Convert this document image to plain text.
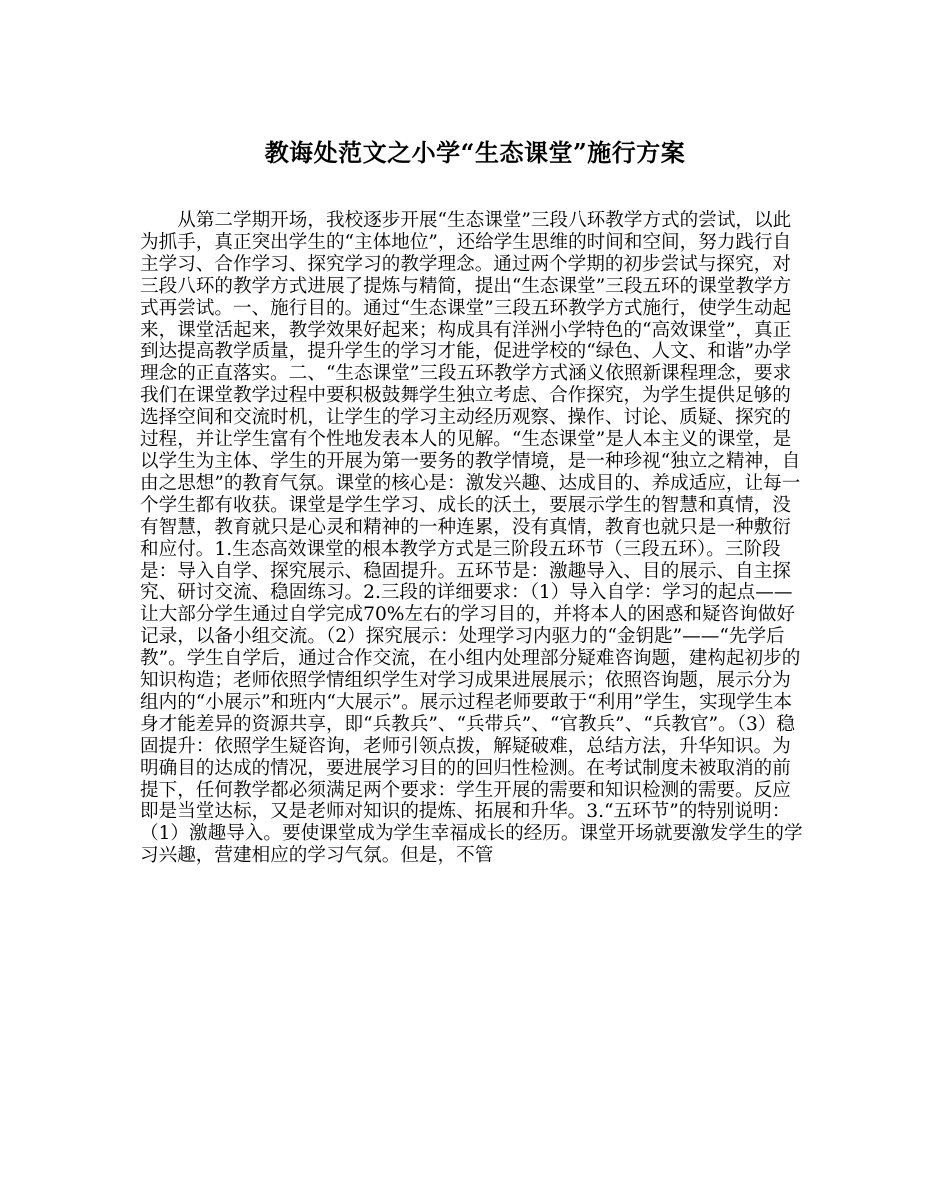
教诲处范文之小学“生态课堂”施行方案

从第二学期开场，我校逐步开展“生态课堂”三段八环教学方式的尝试，以此为抓手，真正突出学生的“主体地位”，还给学生思维的时间和空间，努力践行自主学习、合作学习、探究学习的教学理念。通过两个学期的初步尝试与探究，对三段八环的教学方式进展了提炼与精简，提出“生态课堂”三段五环的课堂教学方式再尝试。一、施行目的。通过“生态课堂”三段五环教学方式施行，使学生动起来，课堂活起来，教学效果好起来；构成具有洋洲小学特色的“高效课堂”，真正到达提高教学质量，提升学生的学习才能，促进学校的“绿色、人文、和谐”办学理念的正直落实。二、“生态课堂”三段五环教学方式涵义依照新课程理念，要求我们在课堂教学过程中要积极鼓舞学生独立考虑、合作探究，为学生提供足够的选择空间和交流时机，让学生的学习主动经历观察、操作、讨论、质疑、探究的过程，并让学生富有个性地发表本人的见解。“生态课堂”是人本主义的课堂，是以学生为主体、学生的开展为第一要务的教学情境，是一种珍视“独立之精神，自由之思想”的教育气氛。课堂的核心是：激发兴趣、达成目的、养成适应，让每一个学生都有收获。课堂是学生学习、成长的沃土，要展示学生的智慧和真情，没有智慧，教育就只是心灵和精神的一种连累，没有真情，教育也就只是一种敷衍和应付。1.生态高效课堂的根本教学方式是三阶段五环节（三段五环）。三阶段是：导入自学、探究展示、稳固提升。五环节是：激趣导入、目的展示、自主探究、研讨交流、稳固练习。2.三段的详细要求：（1）导入自学：学习的起点——让大部分学生通过自学完成70%左右的学习目的，并将本人的困惑和疑咨询做好记录，以备小组交流。（2）探究展示：处理学习内驱力的“金钥匙”——“先学后教”。学生自学后，通过合作交流，在小组内处理部分疑难咨询题，建构起初步的知识构造；老师依照学情组织学生对学习成果进展展示；依照咨询题，展示分为组内的“小展示”和班内“大展示”。展示过程老师要敢于“利用”学生，实现学生本身才能差异的资源共享，即“兵教兵”、“兵带兵”、“官教兵”、“兵教官”。（3）稳固提升：依照学生疑咨询，老师引领点拨，解疑破难，总结方法，升华知识。为明确目的达成的情况，要进展学习目的的回归性检测。在考试制度未被取消的前提下，任何教学都必须满足两个要求：学生开展的需要和知识检测的需要。反应即是当堂达标，又是老师对知识的提炼、拓展和升华。3.“五环节”的特别说明：（1）激趣导入。要使课堂成为学生幸福成长的经历。课堂开场就要激发学生的学习兴趣，营建相应的学习气氛。但是，不管
